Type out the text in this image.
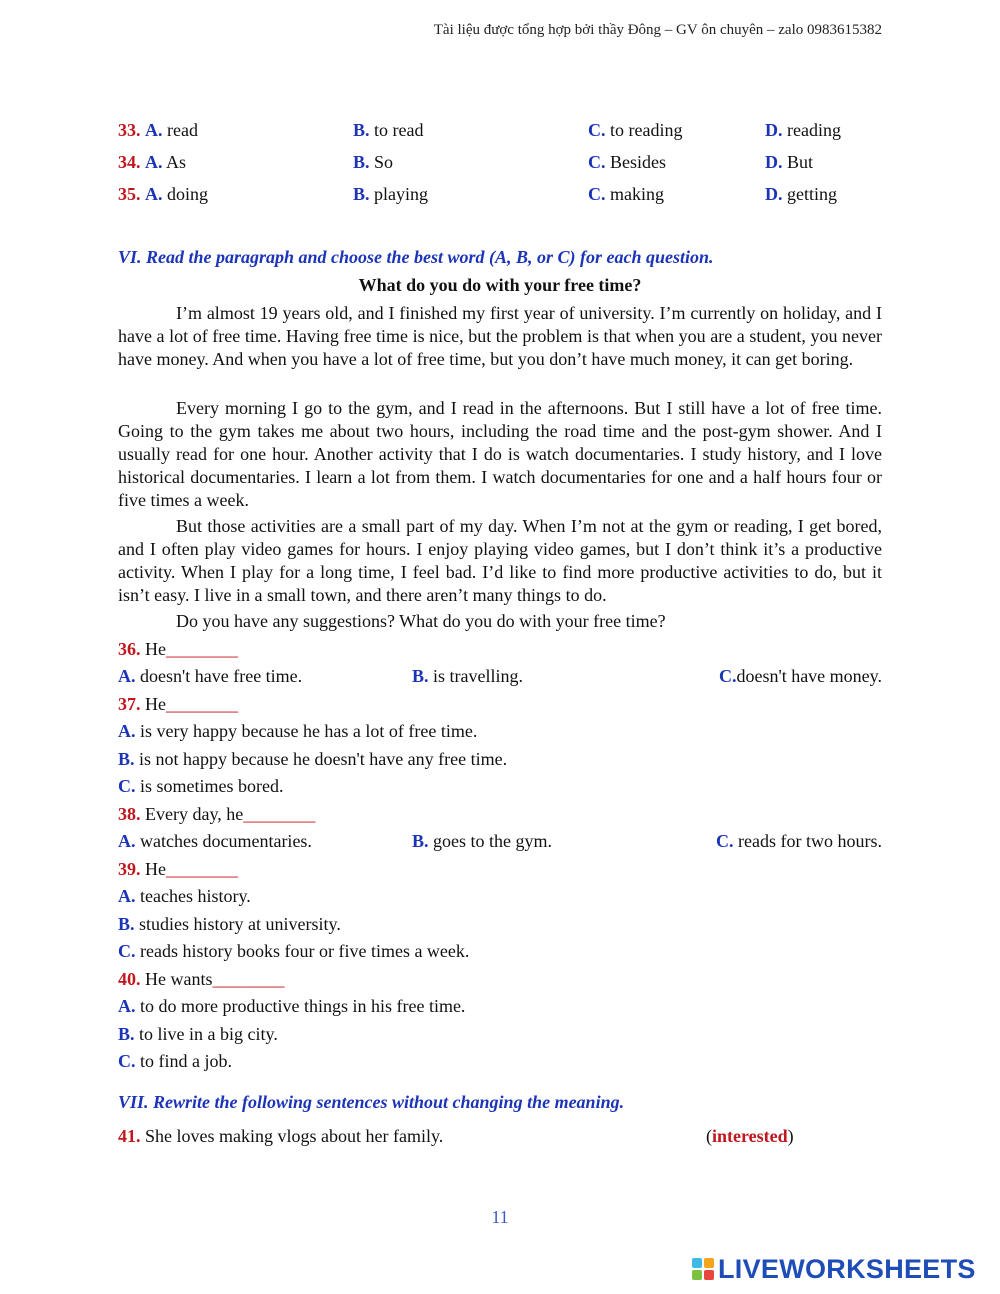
Tài liệu được tổng hợp bởi thầy Đông – GV ôn chuyên – zalo 0983615382
33. A. read	B. to read	C. to reading	D. reading
34. A. As	B. So	C. Besides	D. But
35. A. doing	B. playing	C. making	D. getting
VI. Read the paragraph and choose the best word (A, B, or C) for each question.
What do you do with your free time?
I’m almost 19 years old, and I finished my first year of university. I’m currently on holiday, and I have a lot of free time. Having free time is nice, but the problem is that when you are a student, you never have money. And when you have a lot of free time, but you don’t have much money, it can get boring.
Every morning I go to the gym, and I read in the afternoons. But I still have a lot of free time. Going to the gym takes me about two hours, including the road time and the post-gym shower. And I usually read for one hour. Another activity that I do is watch documentaries. I study history, and I love historical documentaries. I learn a lot from them. I watch documentaries for one and a half hours four or five times a week.
But those activities are a small part of my day. When I’m not at the gym or reading, I get bored, and I often play video games for hours. I enjoy playing video games, but I don’t think it’s a productive activity. When I play for a long time, I feel bad. I’d like to find more productive activities to do, but it isn’t easy. I live in a small town, and there aren’t many things to do.
Do you have any suggestions? What do you do with your free time?
36. He________
A. doesn't have free time.	B. is travelling.	C.doesn't have money.
37. He________
A. is very happy because he has a lot of free time.
B. is not happy because he doesn't have any free time.
C. is sometimes bored.
38. Every day, he________
A. watches documentaries.	B. goes to the gym.	C. reads for two hours.
39. He________
A. teaches history.
B. studies history at university.
C. reads history books four or five times a week.
40. He wants________
A. to do more productive things in his free time.
B. to live in a big city.
C. to find a job.
VII. Rewrite the following sentences without changing the meaning.
41. She loves making vlogs about her family.	(interested)
11
LIVEWORKSHEETS
